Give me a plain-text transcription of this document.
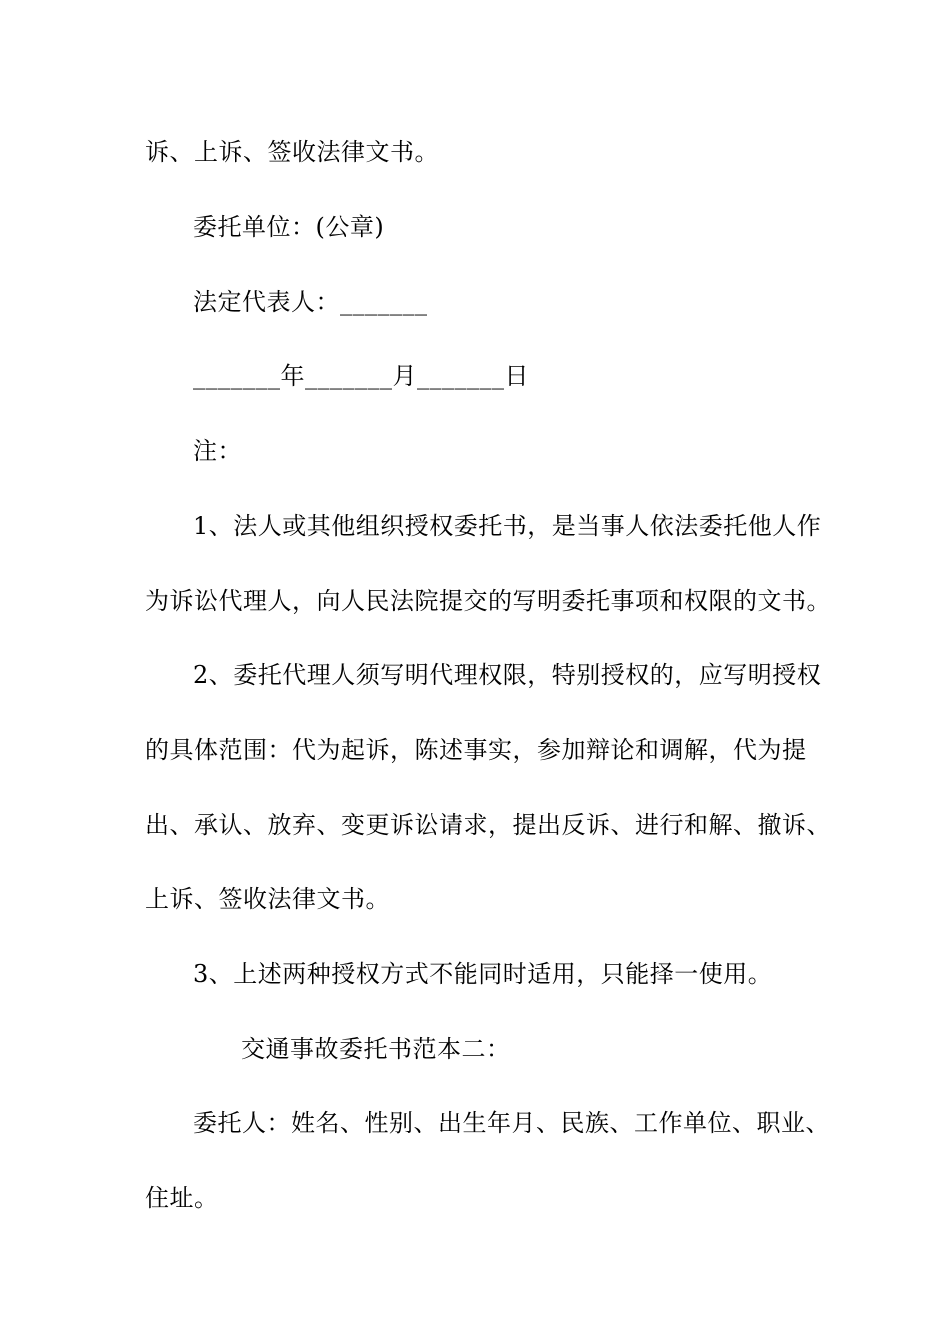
诉、上诉、签收法律文书。
委托单位：(公章)
法定代表人：_______
_______年_______月_______日
注：
1、法人或其他组织授权委托书，是当事人依法委托他人作
为诉讼代理人，向人民法院提交的写明委托事项和权限的文书。
2、委托代理人须写明代理权限，特别授权的，应写明授权
的具体范围：代为起诉，陈述事实，参加辩论和调解，代为提
出、承认、放弃、变更诉讼请求，提出反诉、进行和解、撤诉、
上诉、签收法律文书。
3、上述两种授权方式不能同时适用，只能择一使用。
交通事故委托书范本二：
委托人：姓名、性别、出生年月、民族、工作单位、职业、
住址。
